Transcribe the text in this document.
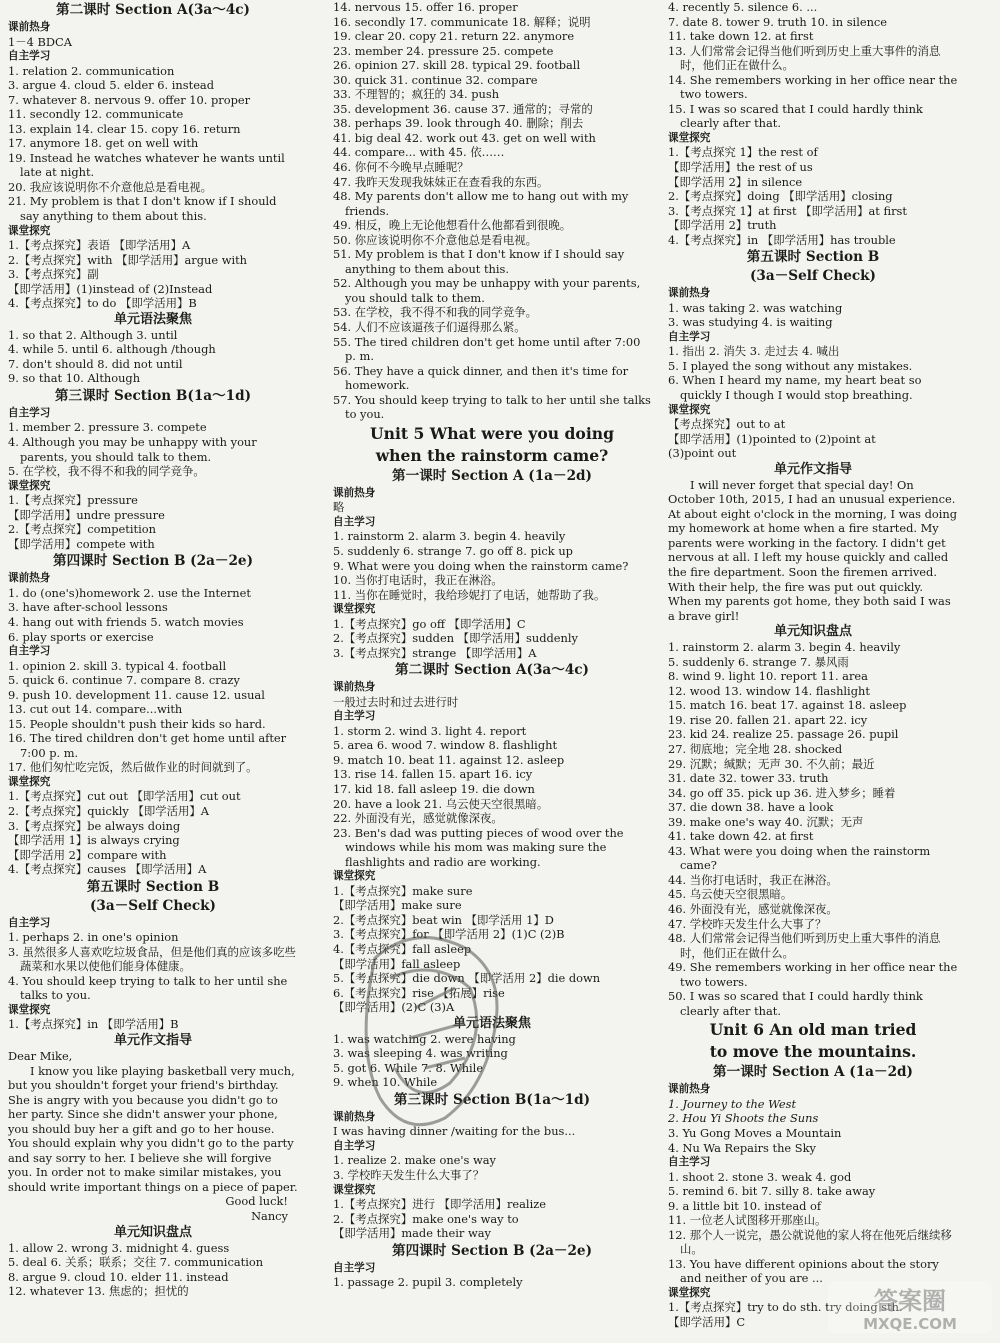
第二课时 Section A(3a～4c)
课前热身
1－4 BDCA
自主学习
1. relation 2. communication
3. argue 4. cloud 5. elder 6. instead
7. whatever 8. nervous 9. offer 10. proper
11. secondly 12. communicate
13. explain 14. clear 15. copy 16. return
17. anymore 18. get on well with
19. Instead he watches whatever he wants until late at night.
20. 我应该说明你不介意他总是看电视。
21. My problem is that I don't know if I should say anything to them about this.
课堂探究
1.【考点探究】表语 【即学活用】A
2.【考点探究】with 【即学活用】argue with
3.【考点探究】副
【即学活用】(1)instead of (2)Instead
4.【考点探究】to do 【即学活用】B
单元语法聚焦
1. so that 2. Although 3. until
4. while 5. until 6. although /though
7. don't should 8. did not until
9. so that 10. Although
第三课时 Section B(1a～1d)
自主学习
1. member 2. pressure 3. compete
4. Although you may be unhappy with your parents, you should talk to them.
5. 在学校，我不得不和我的同学竞争。
课堂探究
1.【考点探究】pressure
【即学活用】undre pressure
2.【考点探究】competition
【即学活用】compete with
第四课时 Section B (2a－2e)
课前热身
1. do (one's)homework 2. use the Internet
3. have after-school lessons
4. hang out with friends 5. watch movies
6. play sports or exercise
自主学习
1. opinion 2. skill 3. typical 4. football
5. quick 6. continue 7. compare 8. crazy
9. push 10. development 11. cause 12. usual
13. cut out 14. compare...with
15. People shouldn't push their kids so hard.
16. The tired children don't get home until after 7:00 p. m.
17. 他们匆忙吃完饭，然后做作业的时间就到了。
课堂探究
1.【考点探究】cut out 【即学活用】cut out
2.【考点探究】quickly 【即学活用】A
3.【考点探究】be always doing
【即学活用 1】is always crying
【即学活用 2】compare with
4.【考点探究】causes 【即学活用】A
第五课时 Section B
(3a－Self Check)
自主学习
1. perhaps 2. in one's opinion
3. 虽然很多人喜欢吃垃圾食品，但是他们真的应该多吃些蔬菜和水果以使他们能身体健康。
4. You should keep trying to talk to her until she talks to you.
课堂探究
1.【考点探究】in 【即学活用】B
单元作文指导
Dear Mike,
I know you like playing basketball very much, but you shouldn't forget your friend's birthday. She is angry with you because you didn't go to her party. Since she didn't answer your phone, you should buy her a gift and go to her house. You should explain why you didn't go to the party and say sorry to her. I believe she will forgive you. In order not to make similar mistakes, you should write important things on a piece of paper.
Good luck!
Nancy
单元知识盘点
1. allow 2. wrong 3. midnight 4. guess
5. deal 6. 关系；联系；交往 7. communication
8. argue 9. cloud 10. elder 11. instead
12. whatever 13. 焦虑的；担忧的
14. nervous 15. offer 16. proper
16. secondly 17. communicate 18. 解释；说明
19. clear 20. copy 21. return 22. anymore
23. member 24. pressure 25. compete
26. opinion 27. skill 28. typical 29. football
30. quick 31. continue 32. compare
33. 不理智的；疯狂的 34. push
35. development 36. cause 37. 通常的；寻常的
38. perhaps 39. look through 40. 删除；削去
41. big deal 42. work out 43. get on well with
44. compare... with 45. 依……
46. 你何不今晚早点睡呢？
47. 我昨天发现我妹妹正在查看我的东西。
48. My parents don't allow me to hang out with my friends.
49. 相反，晚上无论他想看什么他都看到很晚。
50. 你应该说明你不介意他总是看电视。
51. My problem is that I don't know if I should say anything to them about this.
52. Although you may be unhappy with your parents, you should talk to them.
53. 在学校，我不得不和我的同学竞争。
54. 人们不应该逼孩子们逼得那么紧。
55. The tired children don't get home until after 7:00 p. m.
56. They have a quick dinner, and then it's time for homework.
57. You should keep trying to talk to her until she talks to you.
Unit 5 What were you doing
when the rainstorm came?
第一课时 Section A (1a－2d)
课前热身
略
自主学习
1. rainstorm 2. alarm 3. begin 4. heavily
5. suddenly 6. strange 7. go off 8. pick up
9. What were you doing when the rainstorm came?
10. 当你打电话时，我正在淋浴。
11. 当你在睡觉时，我给珍妮打了电话，她帮助了我。
课堂探究
1.【考点探究】go off 【即学活用】C
2.【考点探究】sudden 【即学活用】suddenly
3.【考点探究】strange 【即学活用】A
第二课时 Section A(3a～4c)
课前热身
一般过去时和过去进行时
自主学习
1. storm 2. wind 3. light 4. report
5. area 6. wood 7. window 8. flashlight
9. match 10. beat 11. against 12. asleep
13. rise 14. fallen 15. apart 16. icy
17. kid 18. fall asleep 19. die down
20. have a look 21. 乌云使天空很黑暗。
22. 外面没有光，感觉就像深夜。
23. Ben's dad was putting pieces of wood over the windows while his mom was making sure the flashlights and radio are working.
课堂探究
1.【考点探究】make sure
【即学活用】make sure
2.【考点探究】beat win 【即学活用 1】D
3.【考点探究】for 【即学活用 2】(1)C (2)B
4.【考点探究】fall asleep
【即学活用】fall asleep
5.【考点探究】die down 【即学活用 2】die down
6.【考点探究】rise 【拓展】rise
【即学活用】(2)C (3)A
单元语法聚焦
1. was watching 2. were having
3. was sleeping 4. was writing
5. got 6. While 7. 8. While
9. when 10. While
第三课时 Section B(1a～1d)
课前热身
I was having dinner /waiting for the bus...
自主学习
1. realize 2. make one's way
3. 学校昨天发生什么大事了？
课堂探究
1.【考点探究】进行 【即学活用】realize
2.【考点探究】make one's way to
【即学活用】made their way
第四课时 Section B (2a－2e)
自主学习
1. passage 2. pupil 3. completely
4. recently 5. silence 6. ...
7. date 8. tower 9. truth 10. in silence
11. take down 12. at first
13. 人们常常会记得当他们听到历史上重大事件的消息时，他们正在做什么。
14. She remembers working in her office near the two towers.
15. I was so scared that I could hardly think clearly after that.
课堂探究
1.【考点探究 1】the rest of
【即学活用】the rest of us
【即学活用 2】in silence
2.【考点探究】doing 【即学活用】closing
3.【考点探究 1】at first 【即学活用】at first
【即学活用 2】truth
4.【考点探究】in 【即学活用】has trouble
第五课时 Section B
(3a－Self Check)
课前热身
1. was taking 2. was watching
3. was studying 4. is waiting
自主学习
1. 指出 2. 消失 3. 走过去 4. 喊出
5. I played the song without any mistakes.
6. When I heard my name, my heart beat so quickly I though I would stop breathing.
课堂探究
【考点探究】out to at
【即学活用】(1)pointed to (2)point at
(3)point out
单元作文指导
I will never forget that special day! On October 10th, 2015, I had an unusual experience. At about eight o'clock in the morning, I was doing my homework at home when a fire started. My parents were working in the factory. I didn't get nervous at all. I left my house quickly and called the fire department. Soon the firemen arrived. With their help, the fire was put out quickly. When my parents got home, they both said I was a brave girl!
单元知识盘点
1. rainstorm 2. alarm 3. begin 4. heavily
5. suddenly 6. strange 7. 暴风雨
8. wind 9. light 10. report 11. area
12. wood 13. window 14. flashlight
15. match 16. beat 17. against 18. asleep
19. rise 20. fallen 21. apart 22. icy
23. kid 24. realize 25. passage 26. pupil
27. 彻底地；完全地 28. shocked
29. 沉默；缄默；无声 30. 不久前；最近
31. date 32. tower 33. truth
34. go off 35. pick up 36. 进入梦乡；睡着
37. die down 38. have a look
39. make one's way 40. 沉默；无声
41. take down 42. at first
43. What were you doing when the rainstorm came?
44. 当你打电话时，我正在淋浴。
45. 乌云使天空很黑暗。
46. 外面没有光，感觉就像深夜。
47. 学校昨天发生什么大事了？
48. 人们常常会记得当他们听到历史上重大事件的消息时，他们正在做什么。
49. She remembers working in her office near the two towers.
50. I was so scared that I could hardly think clearly after that.
Unit 6 An old man tried
to move the mountains.
第一课时 Section A (1a－2d)
课前热身
1. Journey to the West
2. Hou Yi Shoots the Suns
3. Yu Gong Moves a Mountain
4. Nu Wa Repairs the Sky
自主学习
1. shoot 2. stone 3. weak 4. god
5. remind 6. bit 7. silly 8. take away
9. a little bit 10. instead of
11. 一位老人试图移开那座山。
12. 那个人一说完，愚公就说他的家人将在他死后继续移山。
13. You have different opinions about the story and neither of you are ...
课堂探究
1.【考点探究】try to do sth. try doing sth.
【即学活用】C
答案圈
MXQE.COM
